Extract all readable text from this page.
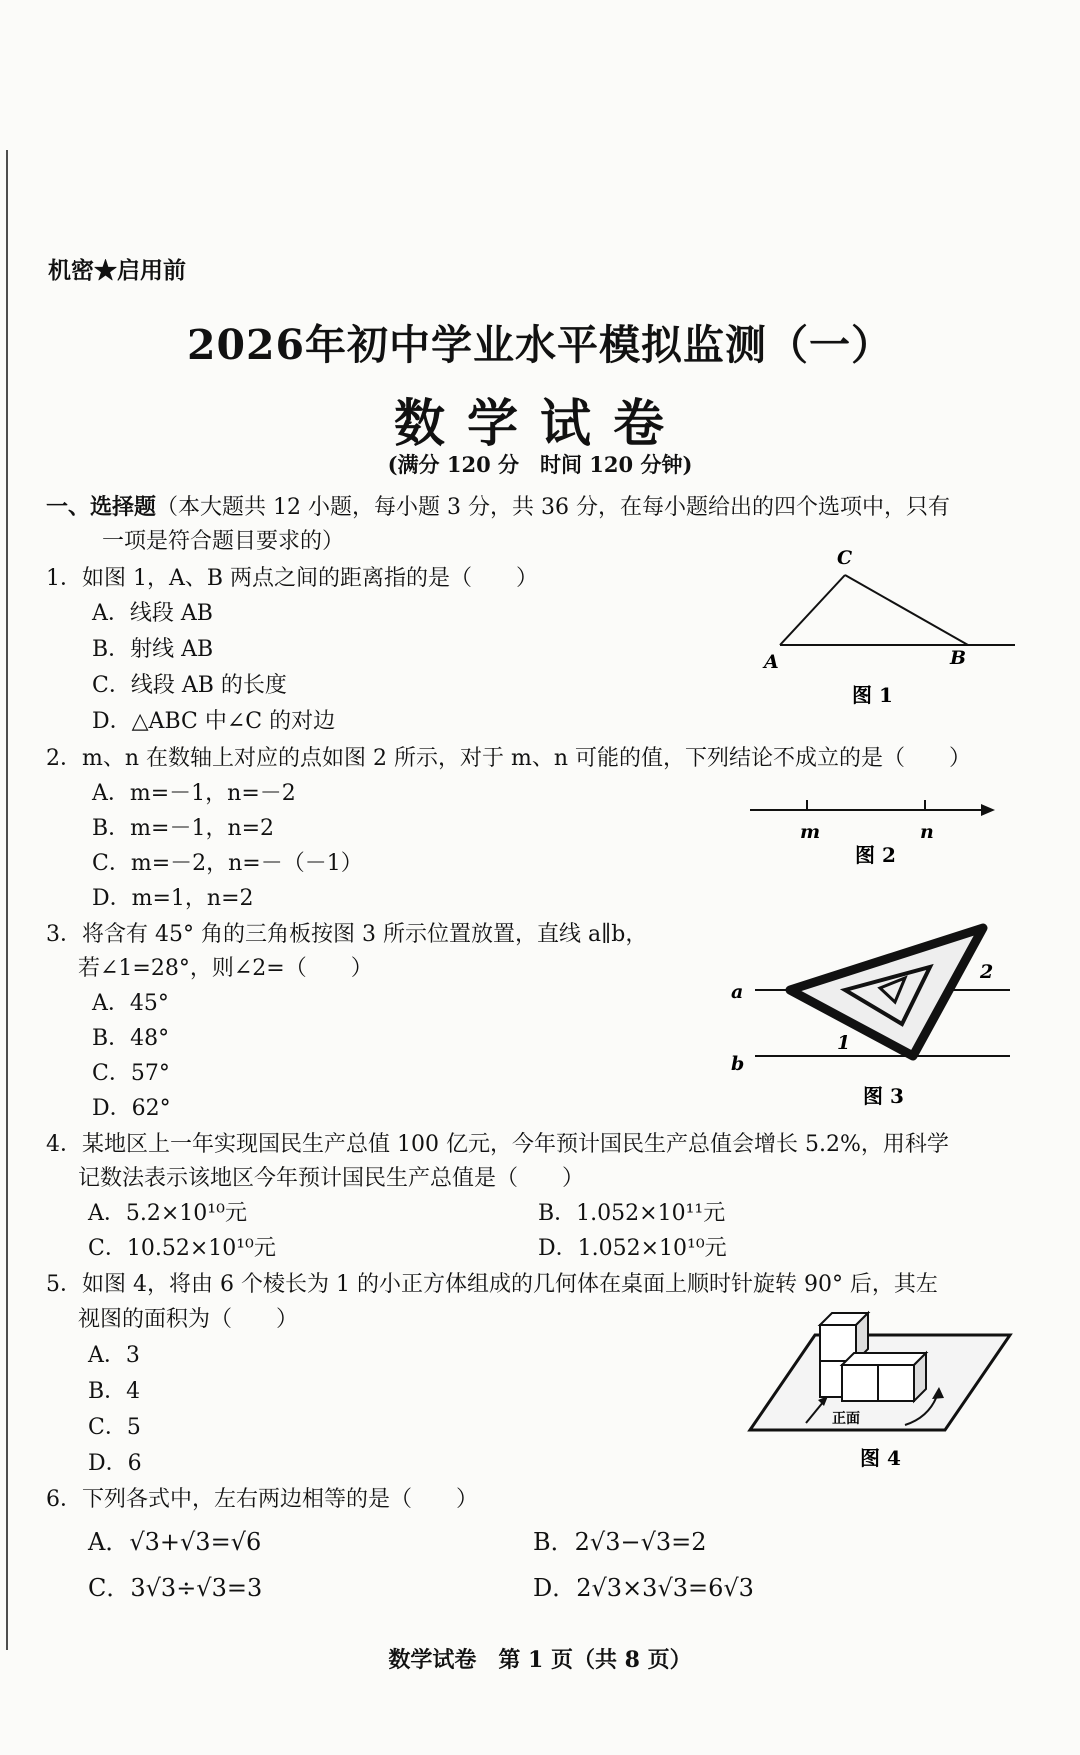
机密★启用前
2026年初中学业水平模拟监测（一）
数学试卷
(满分 120 分　时间 120 分钟)
一、选择题（本大题共 12 小题，每小题 3 分，共 36 分，在每小题给出的四个选项中，只有
一项是符合题目要求的）
1．如图 1，A、B 两点之间的距离指的是（　　）
A．线段 AB
B．射线 AB
C．线段 AB 的长度
D．△ABC 中∠C 的对边
C
A	B
图 1
2．m、n 在数轴上对应的点如图 2 所示，对于 m、n 可能的值，下列结论不成立的是（　　）
A．m=－1，n=－2
B．m=－1，n=2
C．m=－2，n=－（－1）
D．m=1，n=2
m	n
图 2
3．将含有 45° 角的三角板按图 3 所示位置放置，直线 a∥b，
若∠1=28°，则∠2=（　　）
A．45°
B．48°
C．57°
D．62°
a
b
1
2
图 3
4．某地区上一年实现国民生产总值 100 亿元，今年预计国民生产总值会增长 5.2%，用科学
记数法表示该地区今年预计国民生产总值是（　　）
A．5.2×10¹⁰元	B．1.052×10¹¹元
C．10.52×10¹⁰元	D．1.052×10¹⁰元
5．如图 4，将由 6 个棱长为 1 的小正方体组成的几何体在桌面上顺时针旋转 90° 后，其左
视图的面积为（　　）
A．3
B．4
C．5
D．6
正面
图 4
6．下列各式中，左右两边相等的是（　　）
A．√3+√3=√6	B．2√3−√3=2
C．3√3÷√3=3	D．2√3×3√3=6√3
数学试卷　第 1 页（共 8 页）
